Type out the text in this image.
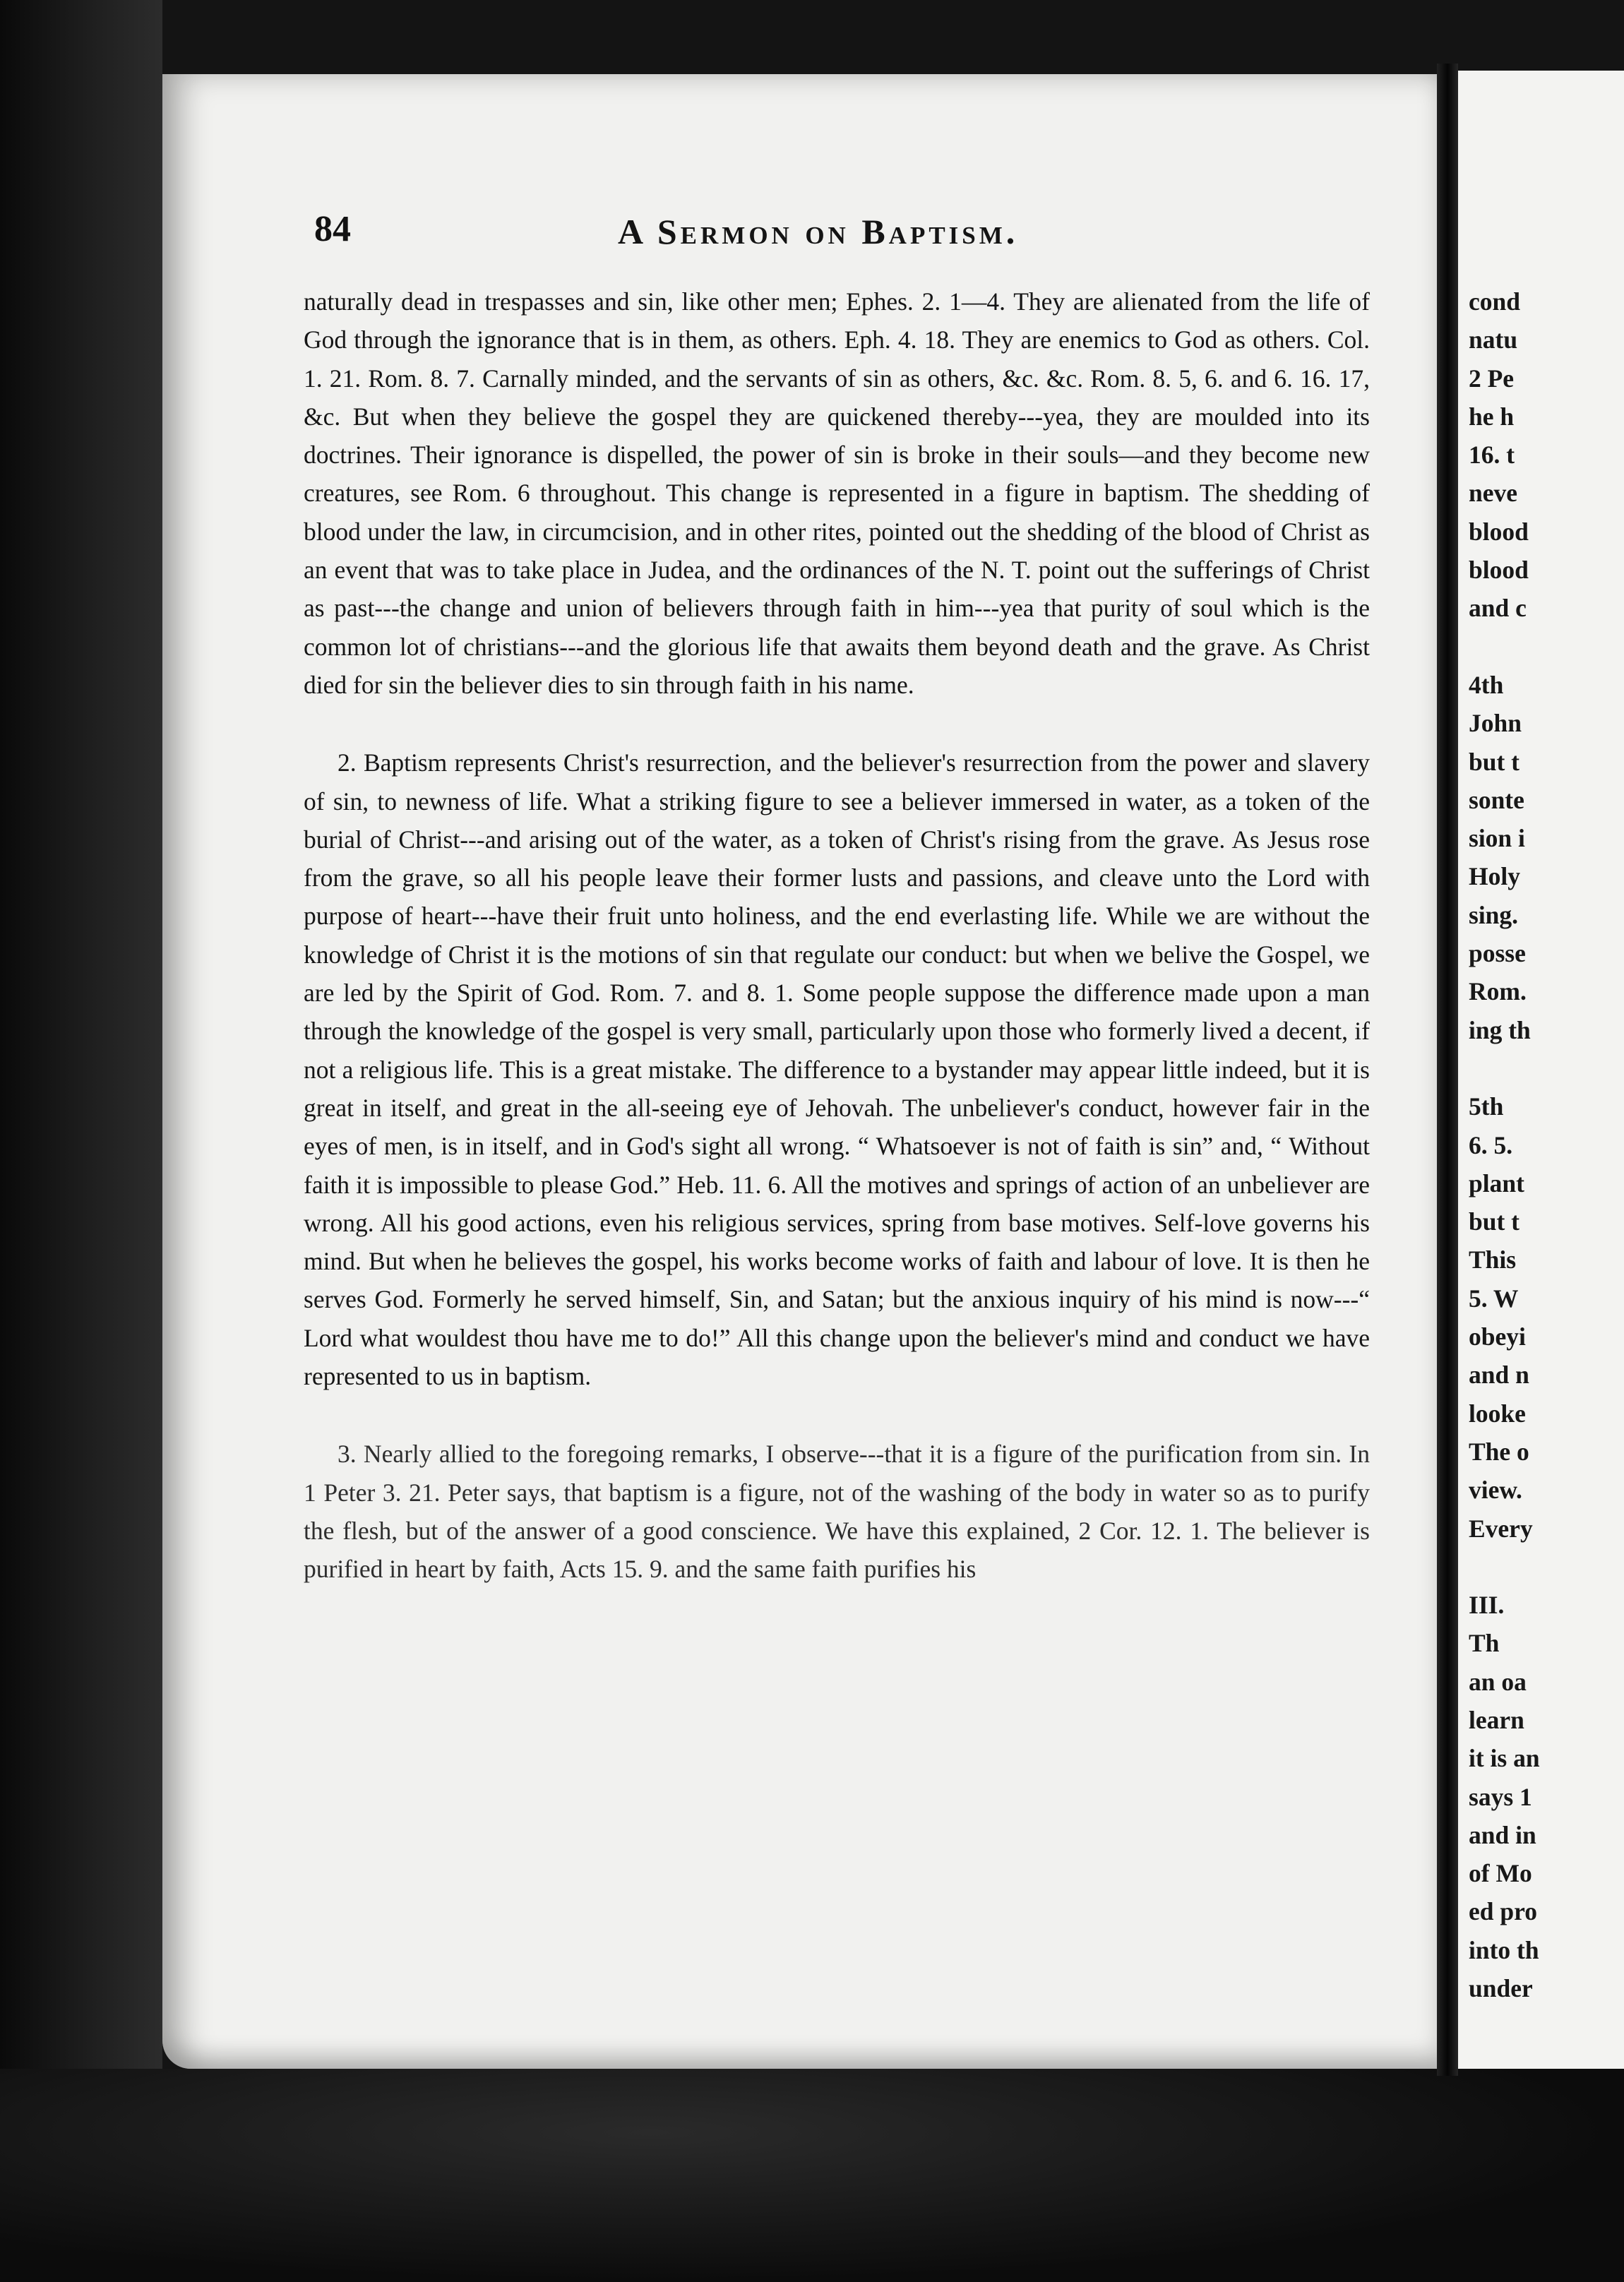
84	A Sermon on Baptism.

naturally dead in trespasses and sin, like other men; Ephes. 2. 1—4. They are alienated from the life of God through the ignorance that is in them, as others. Eph. 4. 18. They are enemics to God as others. Col. 1. 21. Rom. 8. 7. Carnally minded, and the servants of sin as others, &c. &c. Rom. 8. 5, 6. and 6. 16. 17, &c. But when they believe the gospel they are quickened thereby---yea, they are moulded into its doctrines. Their ignorance is dispelled, the power of sin is broke in their souls—and they become new creatures, see Rom. 6 throughout. This change is represented in a figure in baptism. The shedding of blood under the law, in circumcision, and in other rites, pointed out the shedding of the blood of Christ as an event that was to take place in Judea, and the ordinances of the N. T. point out the sufferings of Christ as past---the change and union of believers through faith in him---yea that purity of soul which is the common lot of christians---and the glorious life that awaits them beyond death and the grave. As Christ died for sin the believer dies to sin through faith in his name.

2. Baptism represents Christ's resurrection, and the believer's resurrection from the power and slavery of sin, to newness of life. What a striking figure to see a believer immersed in water, as a token of the burial of Christ---and arising out of the water, as a token of Christ's rising from the grave. As Jesus rose from the grave, so all his people leave their former lusts and passions, and cleave unto the Lord with purpose of heart---have their fruit unto holiness, and the end everlasting life. While we are without the knowledge of Christ it is the motions of sin that regulate our conduct: but when we belive the Gospel, we are led by the Spirit of God. Rom. 7. and 8. 1. Some people suppose the difference made upon a man through the knowledge of the gospel is very small, particularly upon those who formerly lived a decent, if not a religious life. This is a great mistake. The difference to a bystander may appear little indeed, but it is great in itself, and great in the all-seeing eye of Jehovah. The unbeliever's conduct, however fair in the eyes of men, is in itself, and in God's sight all wrong. “ Whatsoever is not of faith is sin” and, “ Without faith it is impossible to please God.” Heb. 11. 6. All the motives and springs of action of an unbeliever are wrong. All his good actions, even his religious services, spring from base motives. Self-love governs his mind. But when he believes the gospel, his works become works of faith and labour of love. It is then he serves God. Formerly he served himself, Sin, and Satan; but the anxious inquiry of his mind is now---“ Lord what wouldest thou have me to do!” All this change upon the believer's mind and conduct we have represented to us in baptism.

3. Nearly allied to the foregoing remarks, I observe---that it is a figure of the purification from sin. In 1 Peter 3. 21. Peter says, that baptism is a figure, not of the washing of the body in water so as to purify the flesh, but of the answer of a good conscience. We have this explained, 2 Cor. 12. 1. The believer is purified in heart by faith, Acts 15. 9. and the same faith purifies his

cond
natu
2 Pe
he h
16. t
neve
blood
blood
and c
4th
John
but t
sonte
sion i
Holy
sing.
posse
Rom.
ing th
5th
6. 5.
plant
but t
This
5. W
obeyi
and n
looke
The o
view.
Every
III.
Th
an oa
learn
it is an
says 1
and in
of Mo
ed pro
into th
under
